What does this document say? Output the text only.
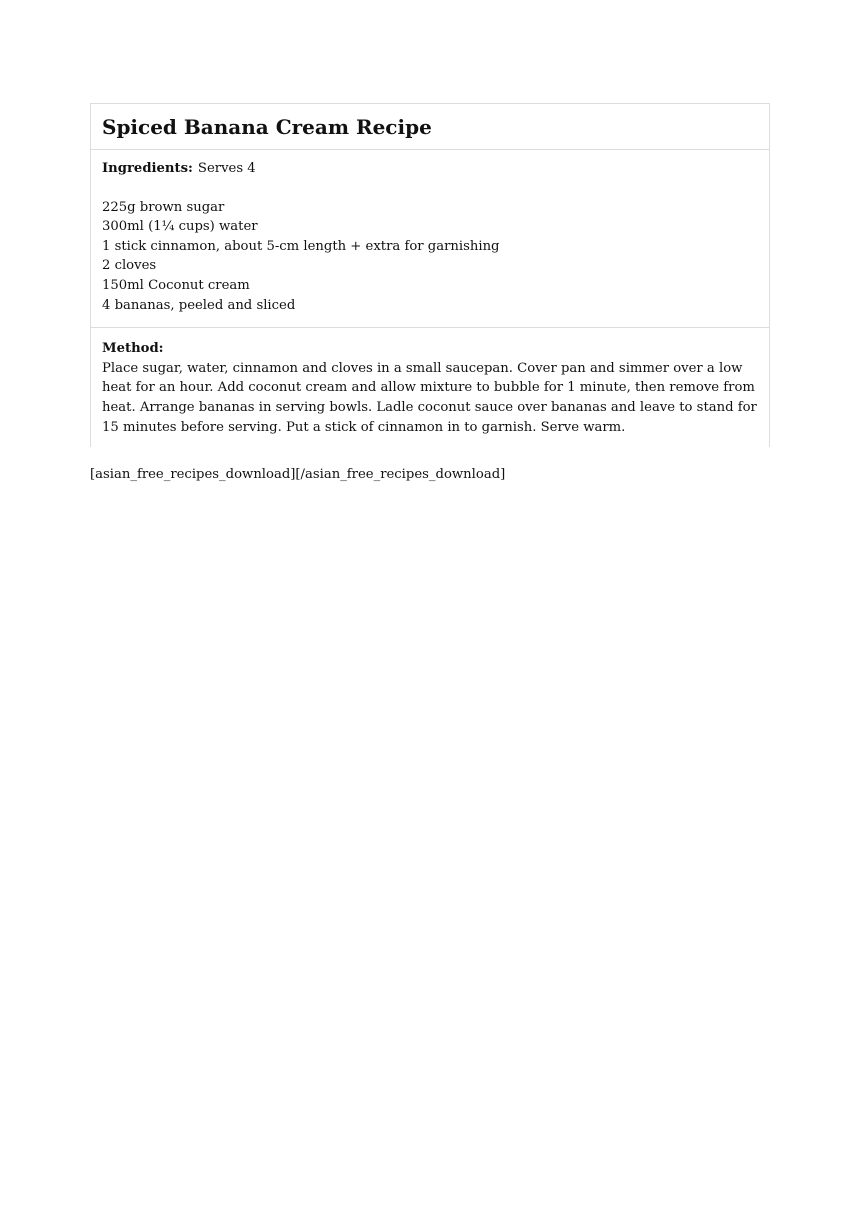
Spiced Banana Cream Recipe

Ingredients: Serves 4

225g brown sugar
300ml (1¼ cups) water
1 stick cinnamon, about 5-cm length + extra for garnishing
2 cloves
150ml Coconut cream
4 bananas, peeled and sliced
Method:

Place sugar, water, cinnamon and cloves in a small saucepan. Cover pan and simmer over a low heat for an hour. Add coconut cream and allow mixture to bubble for 1 minute, then remove from heat. Arrange bananas in serving bowls. Ladle coconut sauce over bananas and leave to stand for 15 minutes before serving. Put a stick of cinnamon in to garnish. Serve warm.

[asian_free_recipes_download][/asian_free_recipes_download]
